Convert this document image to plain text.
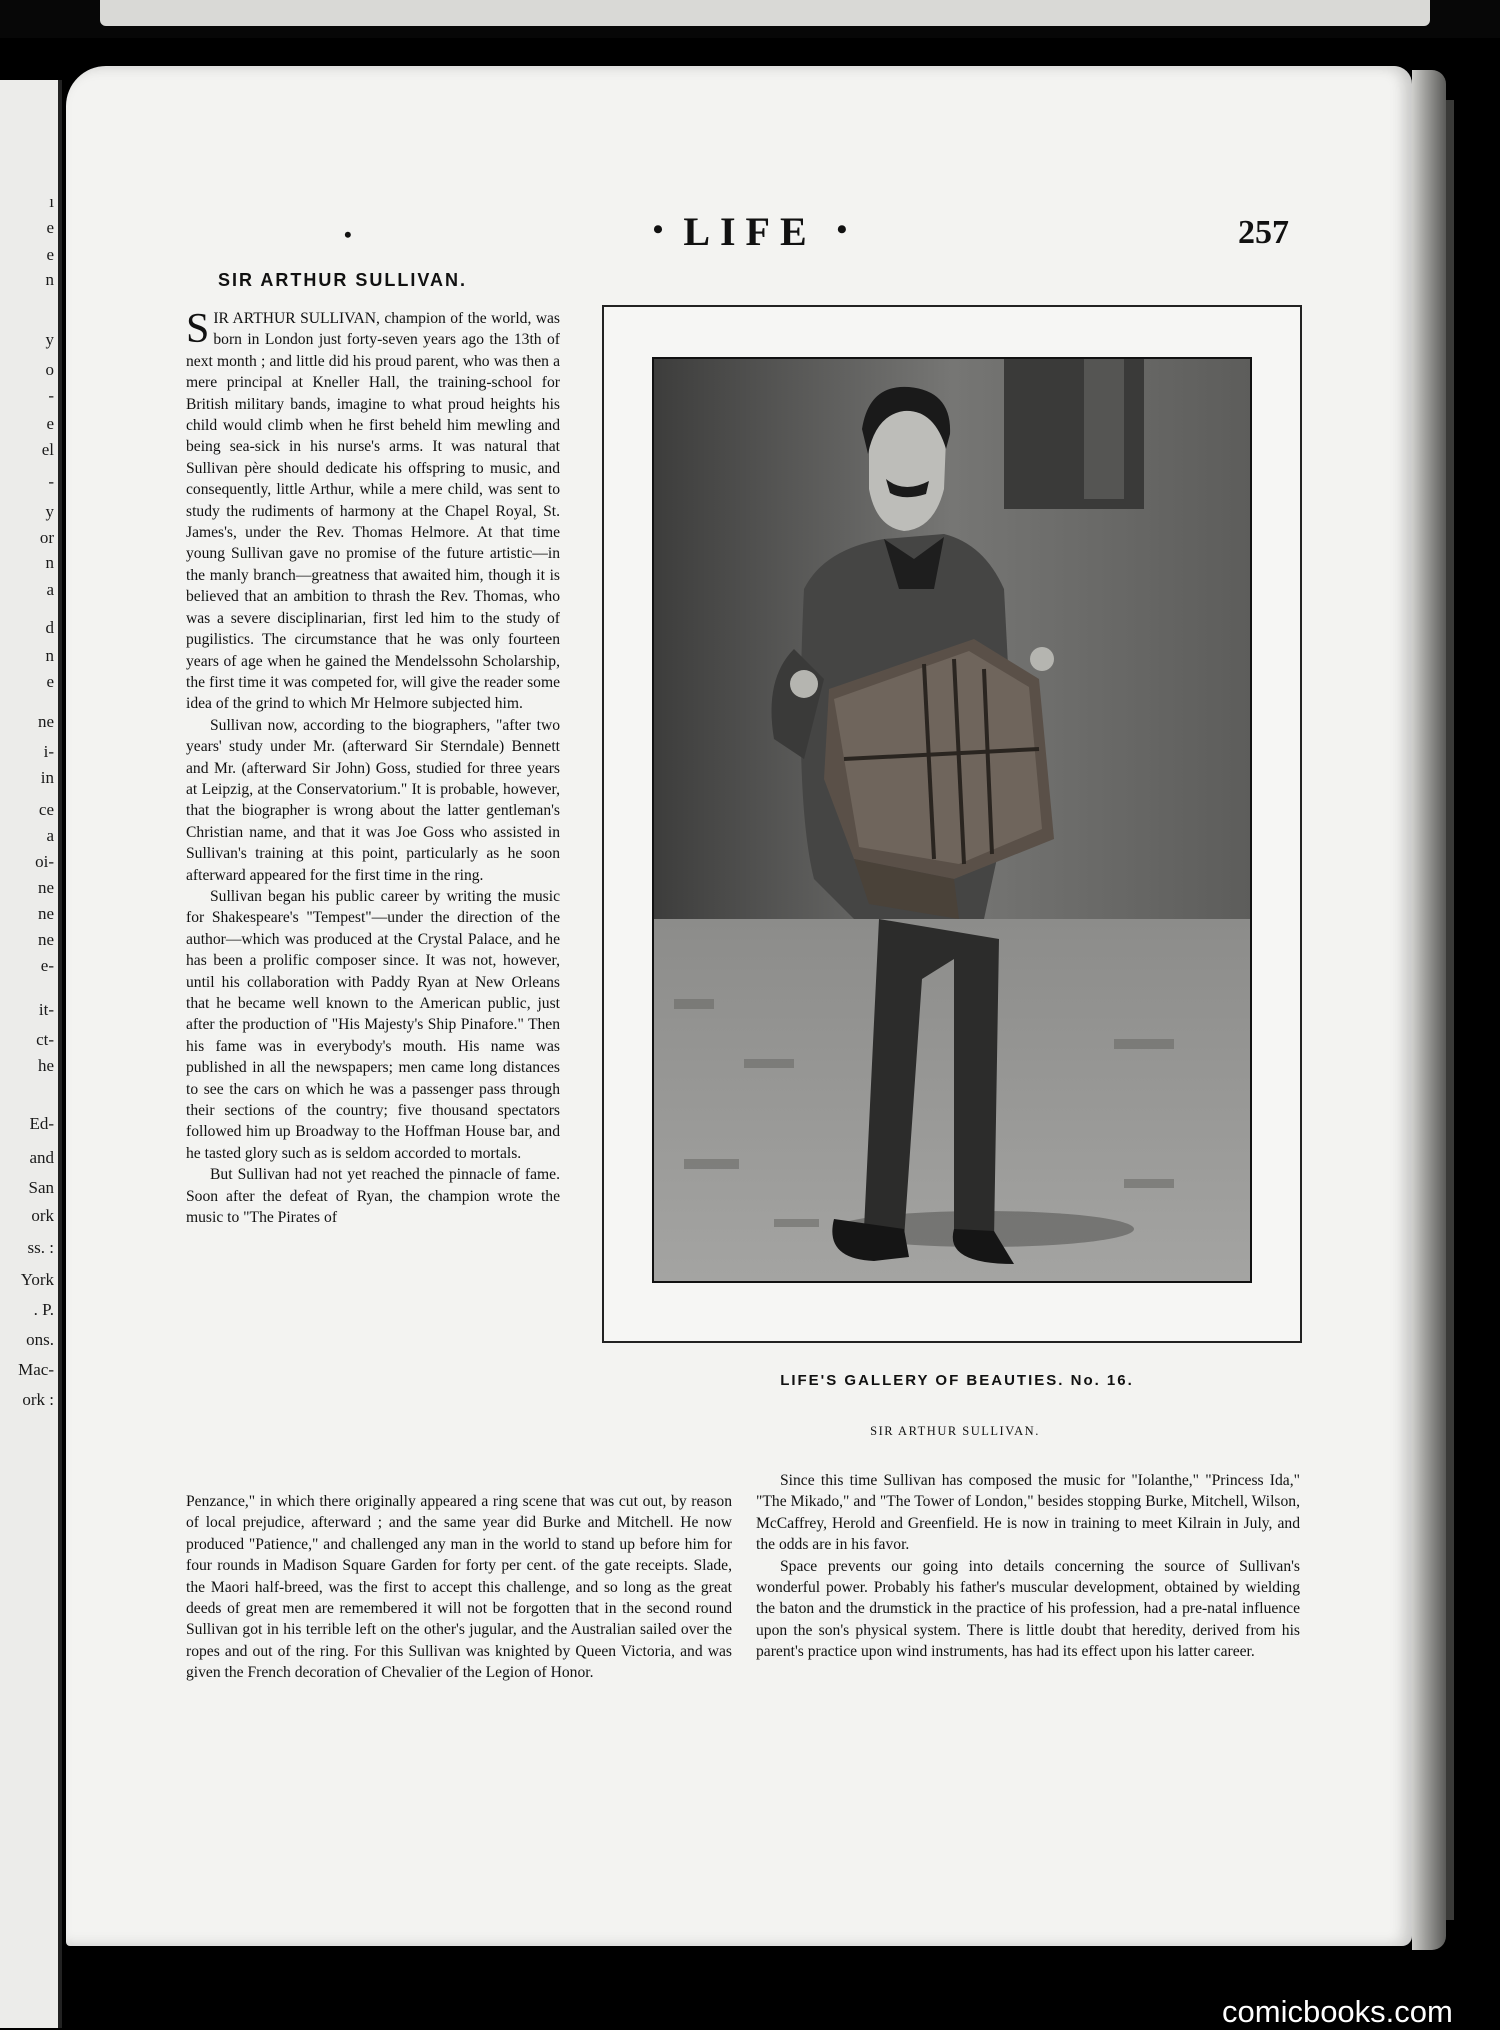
ı
e
e
n
y
o
-
e
el
-
y
or
n
a
d
n
e
ne
i-
in
ce
a
oi-
ne
ne
ne
e-
it-
ct-
he
Ed-
and
San
ork
ss. :
York
. P.
ons.
Mac-
ork :
•	• LIFE •	257
SIR ARTHUR SULLIVAN.

SIR ARTHUR SULLIVAN, champion of the world, was born in London just forty-seven years ago the 13th of next month ; and little did his proud parent, who was then a mere principal at Kneller Hall, the training-school for British military bands, imagine to what proud heights his child would climb when he first beheld him mewling and being sea-sick in his nurse's arms. It was natural that Sullivan père should dedicate his offspring to music, and consequently, little Arthur, while a mere child, was sent to study the rudiments of harmony at the Chapel Royal, St. James's, under the Rev. Thomas Helmore. At that time young Sullivan gave no promise of the future artistic—in the manly branch—greatness that awaited him, though it is believed that an ambition to thrash the Rev. Thomas, who was a severe disciplinarian, first led him to the study of pugilistics. The circumstance that he was only fourteen years of age when he gained the Mendelssohn Scholarship, the first time it was competed for, will give the reader some idea of the grind to which Mr Helmore subjected him.

Sullivan now, according to the biographers, "after two years' study under Mr. (afterward Sir Sterndale) Bennett and Mr. (afterward Sir John) Goss, studied for three years at Leipzig, at the Conservatorium." It is probable, however, that the biographer is wrong about the latter gentleman's Christian name, and that it was Joe Goss who assisted in Sullivan's training at this point, particularly as he soon afterward appeared for the first time in the ring.

Sullivan began his public career by writing the music for Shakespeare's "Tempest"—under the direction of the author—which was produced at the Crystal Palace, and he has been a prolific composer since. It was not, however, until his collaboration with Paddy Ryan at New Orleans that he became well known to the American public, just after the production of "His Majesty's Ship Pinafore." Then his fame was in everybody's mouth. His name was published in all the newspapers; men came long distances to see the cars on which he was a passenger pass through their sections of the country; five thousand spectators followed him up Broadway to the Hoffman House bar, and he tasted glory such as is seldom accorded to mortals.

But Sullivan had not yet reached the pinnacle of fame. Soon after the defeat of Ryan, the champion wrote the music to "The Pirates of

Penzance," in which there originally appeared a ring scene that was cut out, by reason of local prejudice, afterward ; and the same year did Burke and Mitchell. He now produced "Patience," and challenged any man in the world to stand up before him for four rounds in Madison Square Garden for forty per cent. of the gate receipts. Slade, the Maori half-breed, was the first to accept this challenge, and so long as the great deeds of great men are remembered it will not be forgotten that in the second round Sullivan got in his terrible left on the other's jugular, and the Australian sailed over the ropes and out of the ring. For this Sullivan was knighted by Queen Victoria, and was given the French decoration of Chevalier of the Legion of Honor.

Since this time Sullivan has composed the music for "Iolanthe," "Princess Ida," "The Mikado," and "The Tower of London," besides stopping Burke, Mitchell, Wilson, McCaffrey, Herold and Greenfield. He is now in training to meet Kilrain in July, and the odds are in his favor.

Space prevents our going into details concerning the source of Sullivan's wonderful power. Probably his father's muscular development, obtained by wielding the baton and the drumstick in the practice of his profession, had a pre-natal influence upon the son's physical system. There is little doubt that heredity, derived from his parent's practice upon wind instruments, has had its effect upon his latter career.

LIFE'S GALLERY OF BEAUTIES. No. 16.
SIR ARTHUR SULLIVAN.
comicbooks.com
